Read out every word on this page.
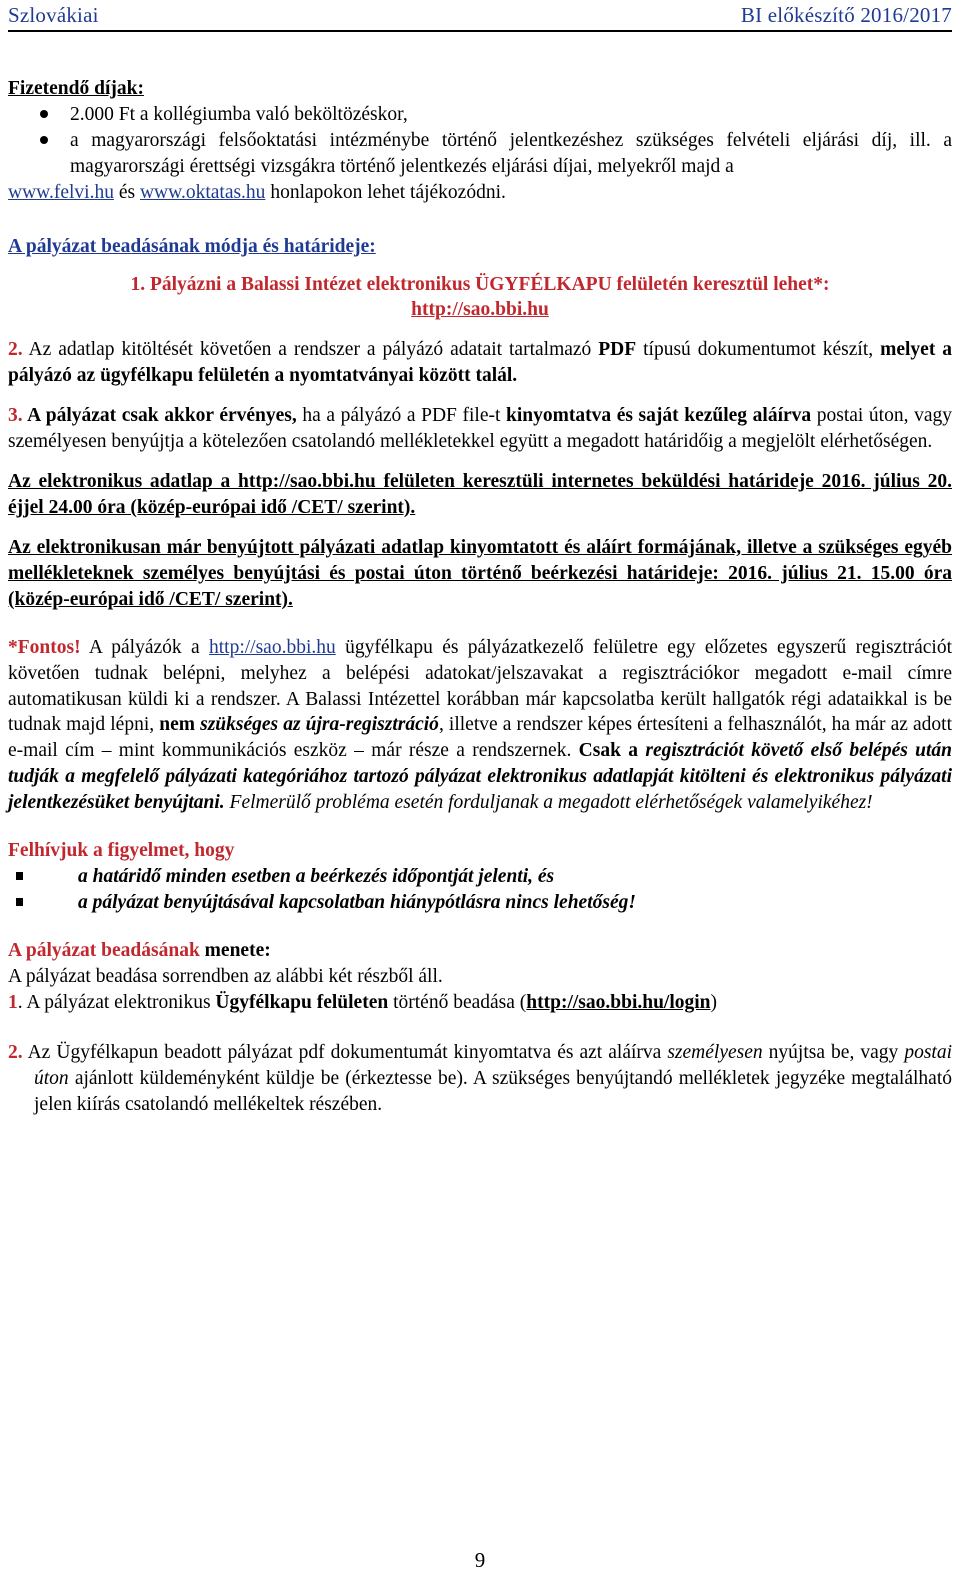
Szlovákiai	BI előkészítő 2016/2017

Fizetendő díjak:

2.000 Ft a kollégiumba való beköltözéskor,
a magyarországi felsőoktatási intézménybe történő jelentkezéshez szükséges felvételi eljárási díj, ill. a magyarországi érettségi vizsgákra történő jelentkezés eljárási díjai, melyekről majd a

www.felvi.hu és www.oktatas.hu honlapokon lehet tájékozódni.

A pályázat beadásának módja és határideje:

1. Pályázni a Balassi Intézet elektronikus ÜGYFÉLKAPU felületén keresztül lehet*:
http://sao.bbi.hu

2. Az adatlap kitöltését követően a rendszer a pályázó adatait tartalmazó PDF típusú dokumentumot készít, melyet a pályázó az ügyfélkapu felületén a nyomtatványai között talál.

3. A pályázat csak akkor érvényes, ha a pályázó a PDF file-t kinyomtatva és saját kezűleg aláírva postai úton, vagy személyesen benyújtja a kötelezően csatolandó mellékletekkel együtt a megadott határidőig a megjelölt elérhetőségen.

Az elektronikus adatlap a http://sao.bbi.hu felületen keresztüli internetes beküldési határideje 2016. július 20. éjjel 24.00 óra (közép-európai idő /CET/ szerint).

Az elektronikusan már benyújtott pályázati adatlap kinyomtatott és aláírt formájának, illetve a szükséges egyéb mellékleteknek személyes benyújtási és postai úton történő beérkezési határideje: 2016. július 21. 15.00 óra (közép-európai idő /CET/ szerint).

*Fontos! A pályázók a http://sao.bbi.hu ügyfélkapu és pályázatkezelő felületre egy előzetes egyszerű regisztrációt követően tudnak belépni, melyhez a belépési adatokat/jelszavakat a regisztrációkor megadott e-mail címre automatikusan küldi ki a rendszer. A Balassi Intézettel korábban már kapcsolatba került hallgatók régi adataikkal is be tudnak majd lépni, nem szükséges az újra-regisztráció, illetve a rendszer képes értesíteni a felhasználót, ha már az adott e-mail cím – mint kommunikációs eszköz – már része a rendszernek. Csak a regisztrációt követő első belépés után tudják a megfelelő pályázati kategóriához tartozó pályázat elektronikus adatlapját kitölteni és elektronikus pályázati jelentkezésüket benyújtani. Felmerülő probléma esetén forduljanak a megadott elérhetőségek valamelyikéhez!

Felhívjuk a figyelmet, hogy

a határidő minden esetben a beérkezés időpontját jelenti, és
a pályázat benyújtásával kapcsolatban hiánypótlásra nincs lehetőség!

A pályázat beadásának menete:

A pályázat beadása sorrendben az alábbi két részből áll.

1. A pályázat elektronikus Ügyfélkapu felületen történő beadása (http://sao.bbi.hu/login)

2. Az Ügyfélkapun beadott pályázat pdf dokumentumát kinyomtatva és azt aláírva személyesen nyújtsa be, vagy postai úton ajánlott küldeményként küldje be (érkeztesse be). A szükséges benyújtandó mellékletek jegyzéke megtalálható jelen kiírás csatolandó mellékeltek részében.

9
